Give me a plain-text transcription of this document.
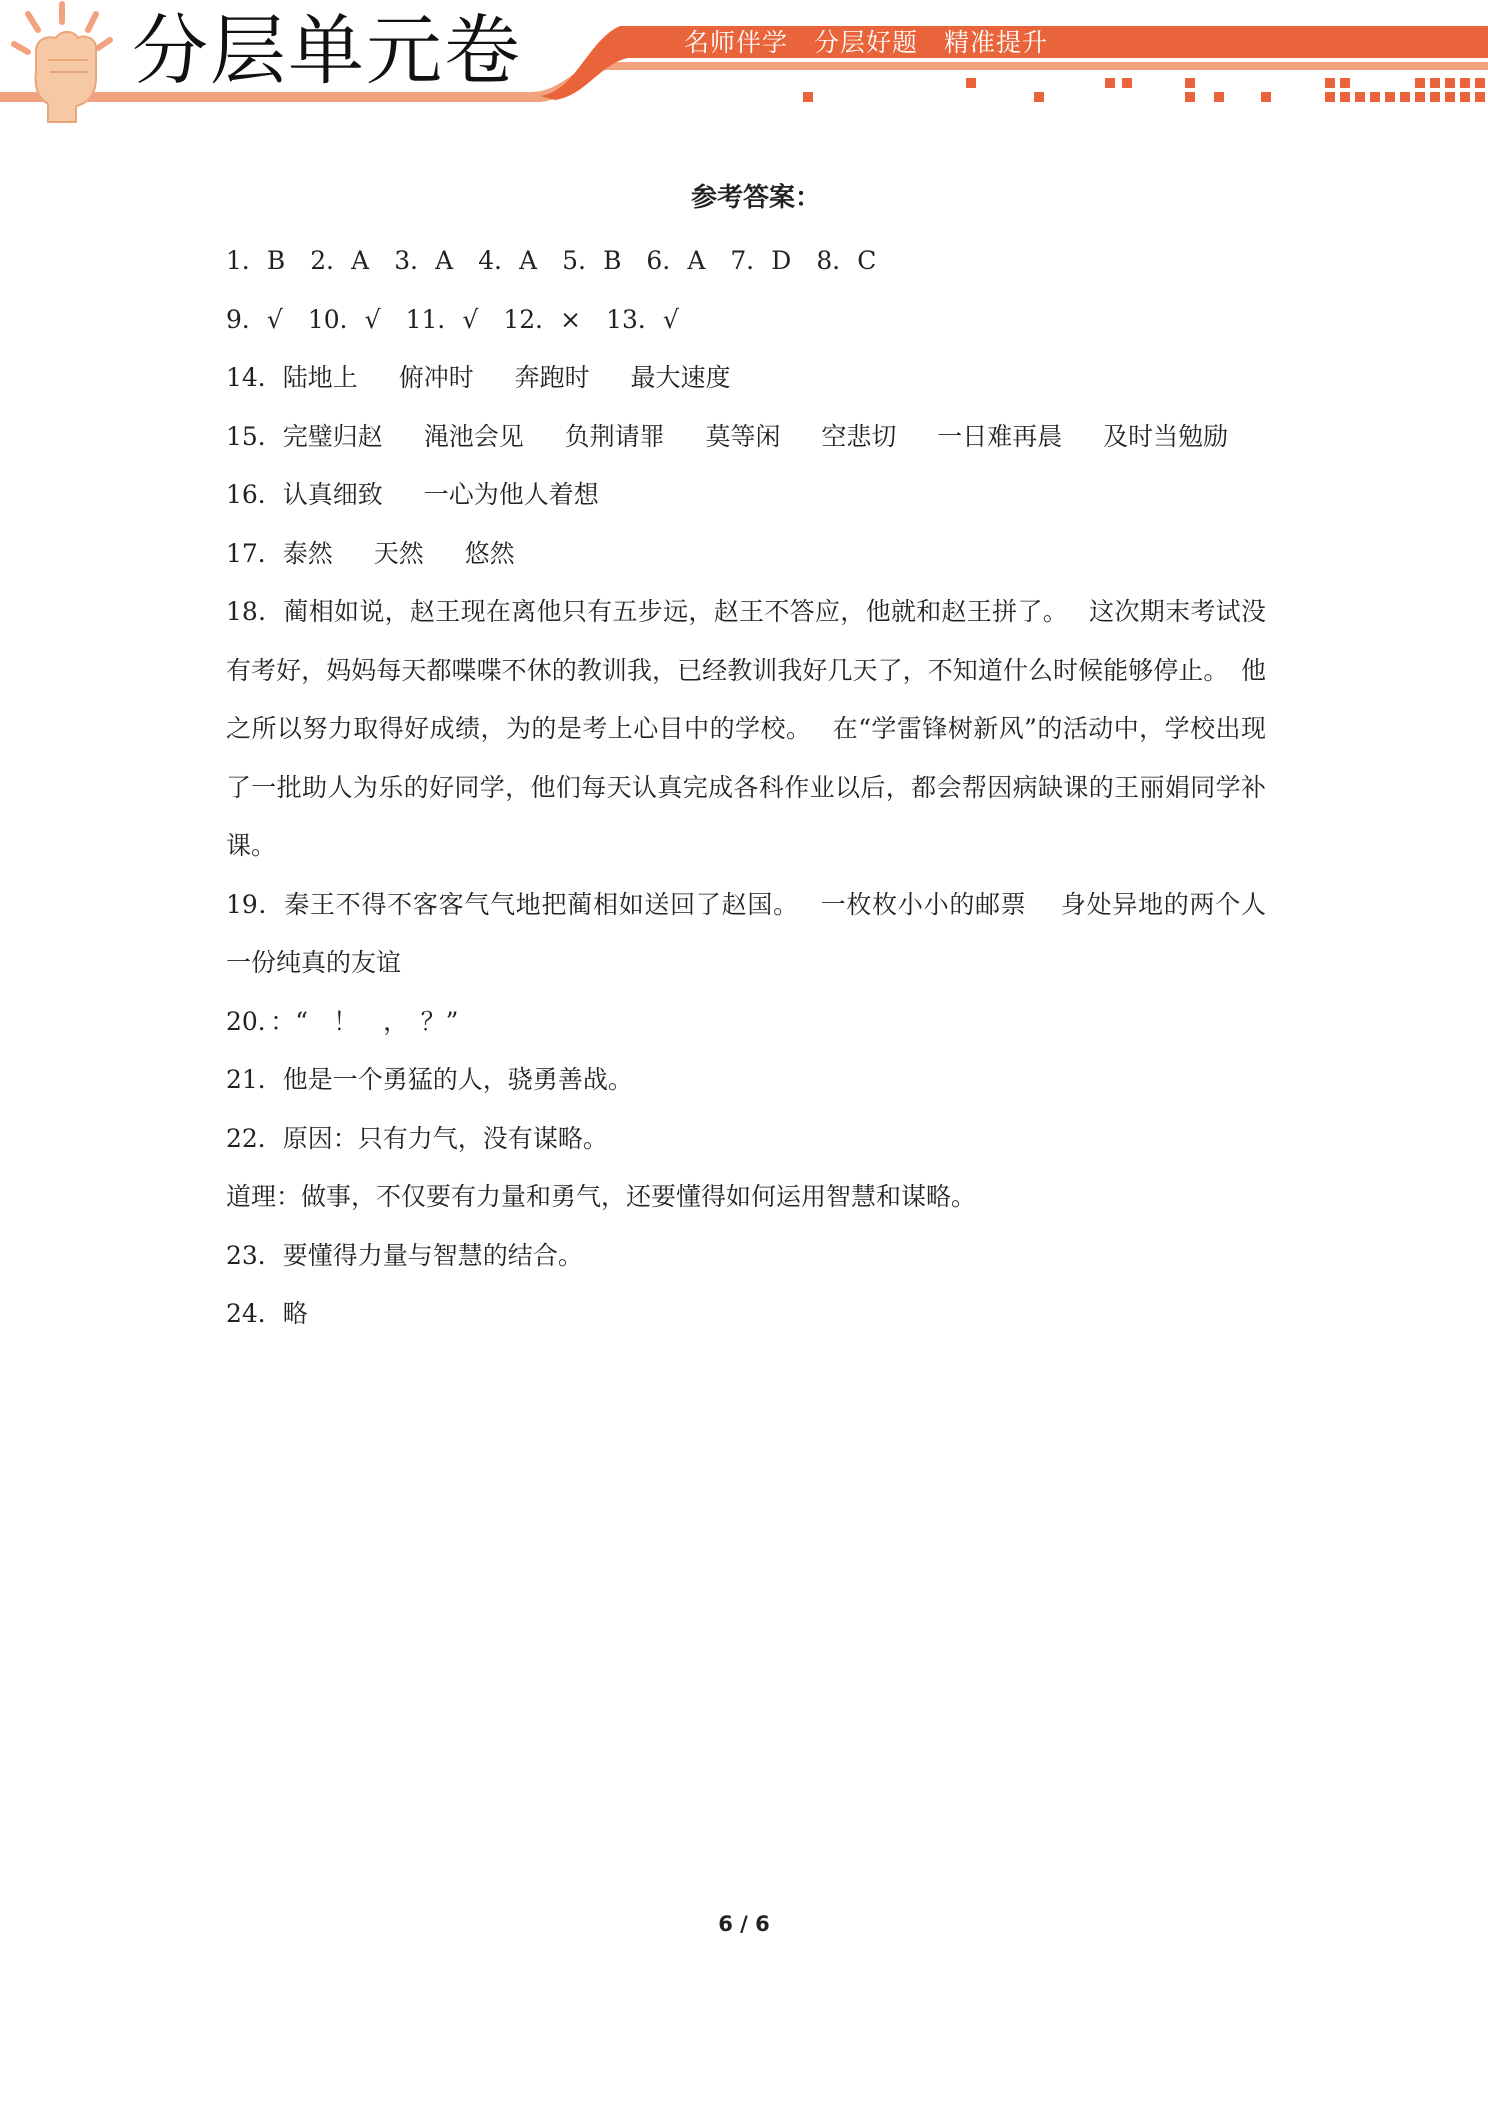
分层单元卷	名师伴学 分层好题 精准提升
参考答案：

1．B　2．A　3．A　4．A　5．B　6．A　7．D　8．C

9．√　10．√　11．√　12．×　13．√

14．陆地上　  俯冲时　  奔跑时　  最大速度

15．完璧归赵　  渑池会见　  负荆请罪　  莫等闲　  空悲切　  一日难再晨　  及时当勉励

16．认真细致　  一心为他人着想

17．泰然　  天然　  悠然

18．蔺相如说，赵王现在离他只有五步远，赵王不答应，他就和赵王拼了。　 这次期末考试没有考好，妈妈每天都喋喋不休的教训我，已经教训我好几天了，不知道什么时候能够停止。　他之所以努力取得好成绩，为的是考上心目中的学校。　 在“学雷锋树新风”的活动中，学校出现了一批助人为乐的好同学，他们每天认真完成各科作业以后，都会帮因病缺课的王丽娟同学补课。

19．秦王不得不客客气气地把蔺相如送回了赵国。　 一枚枚小小的邮票　 身处异地的两个人　 一份纯真的友谊

20．：“　！　，　？”

21．他是一个勇猛的人，骁勇善战。

22．原因：只有力气，没有谋略。

道理：做事，不仅要有力量和勇气，还要懂得如何运用智慧和谋略。

23．要懂得力量与智慧的结合。

24．略

6 / 6
